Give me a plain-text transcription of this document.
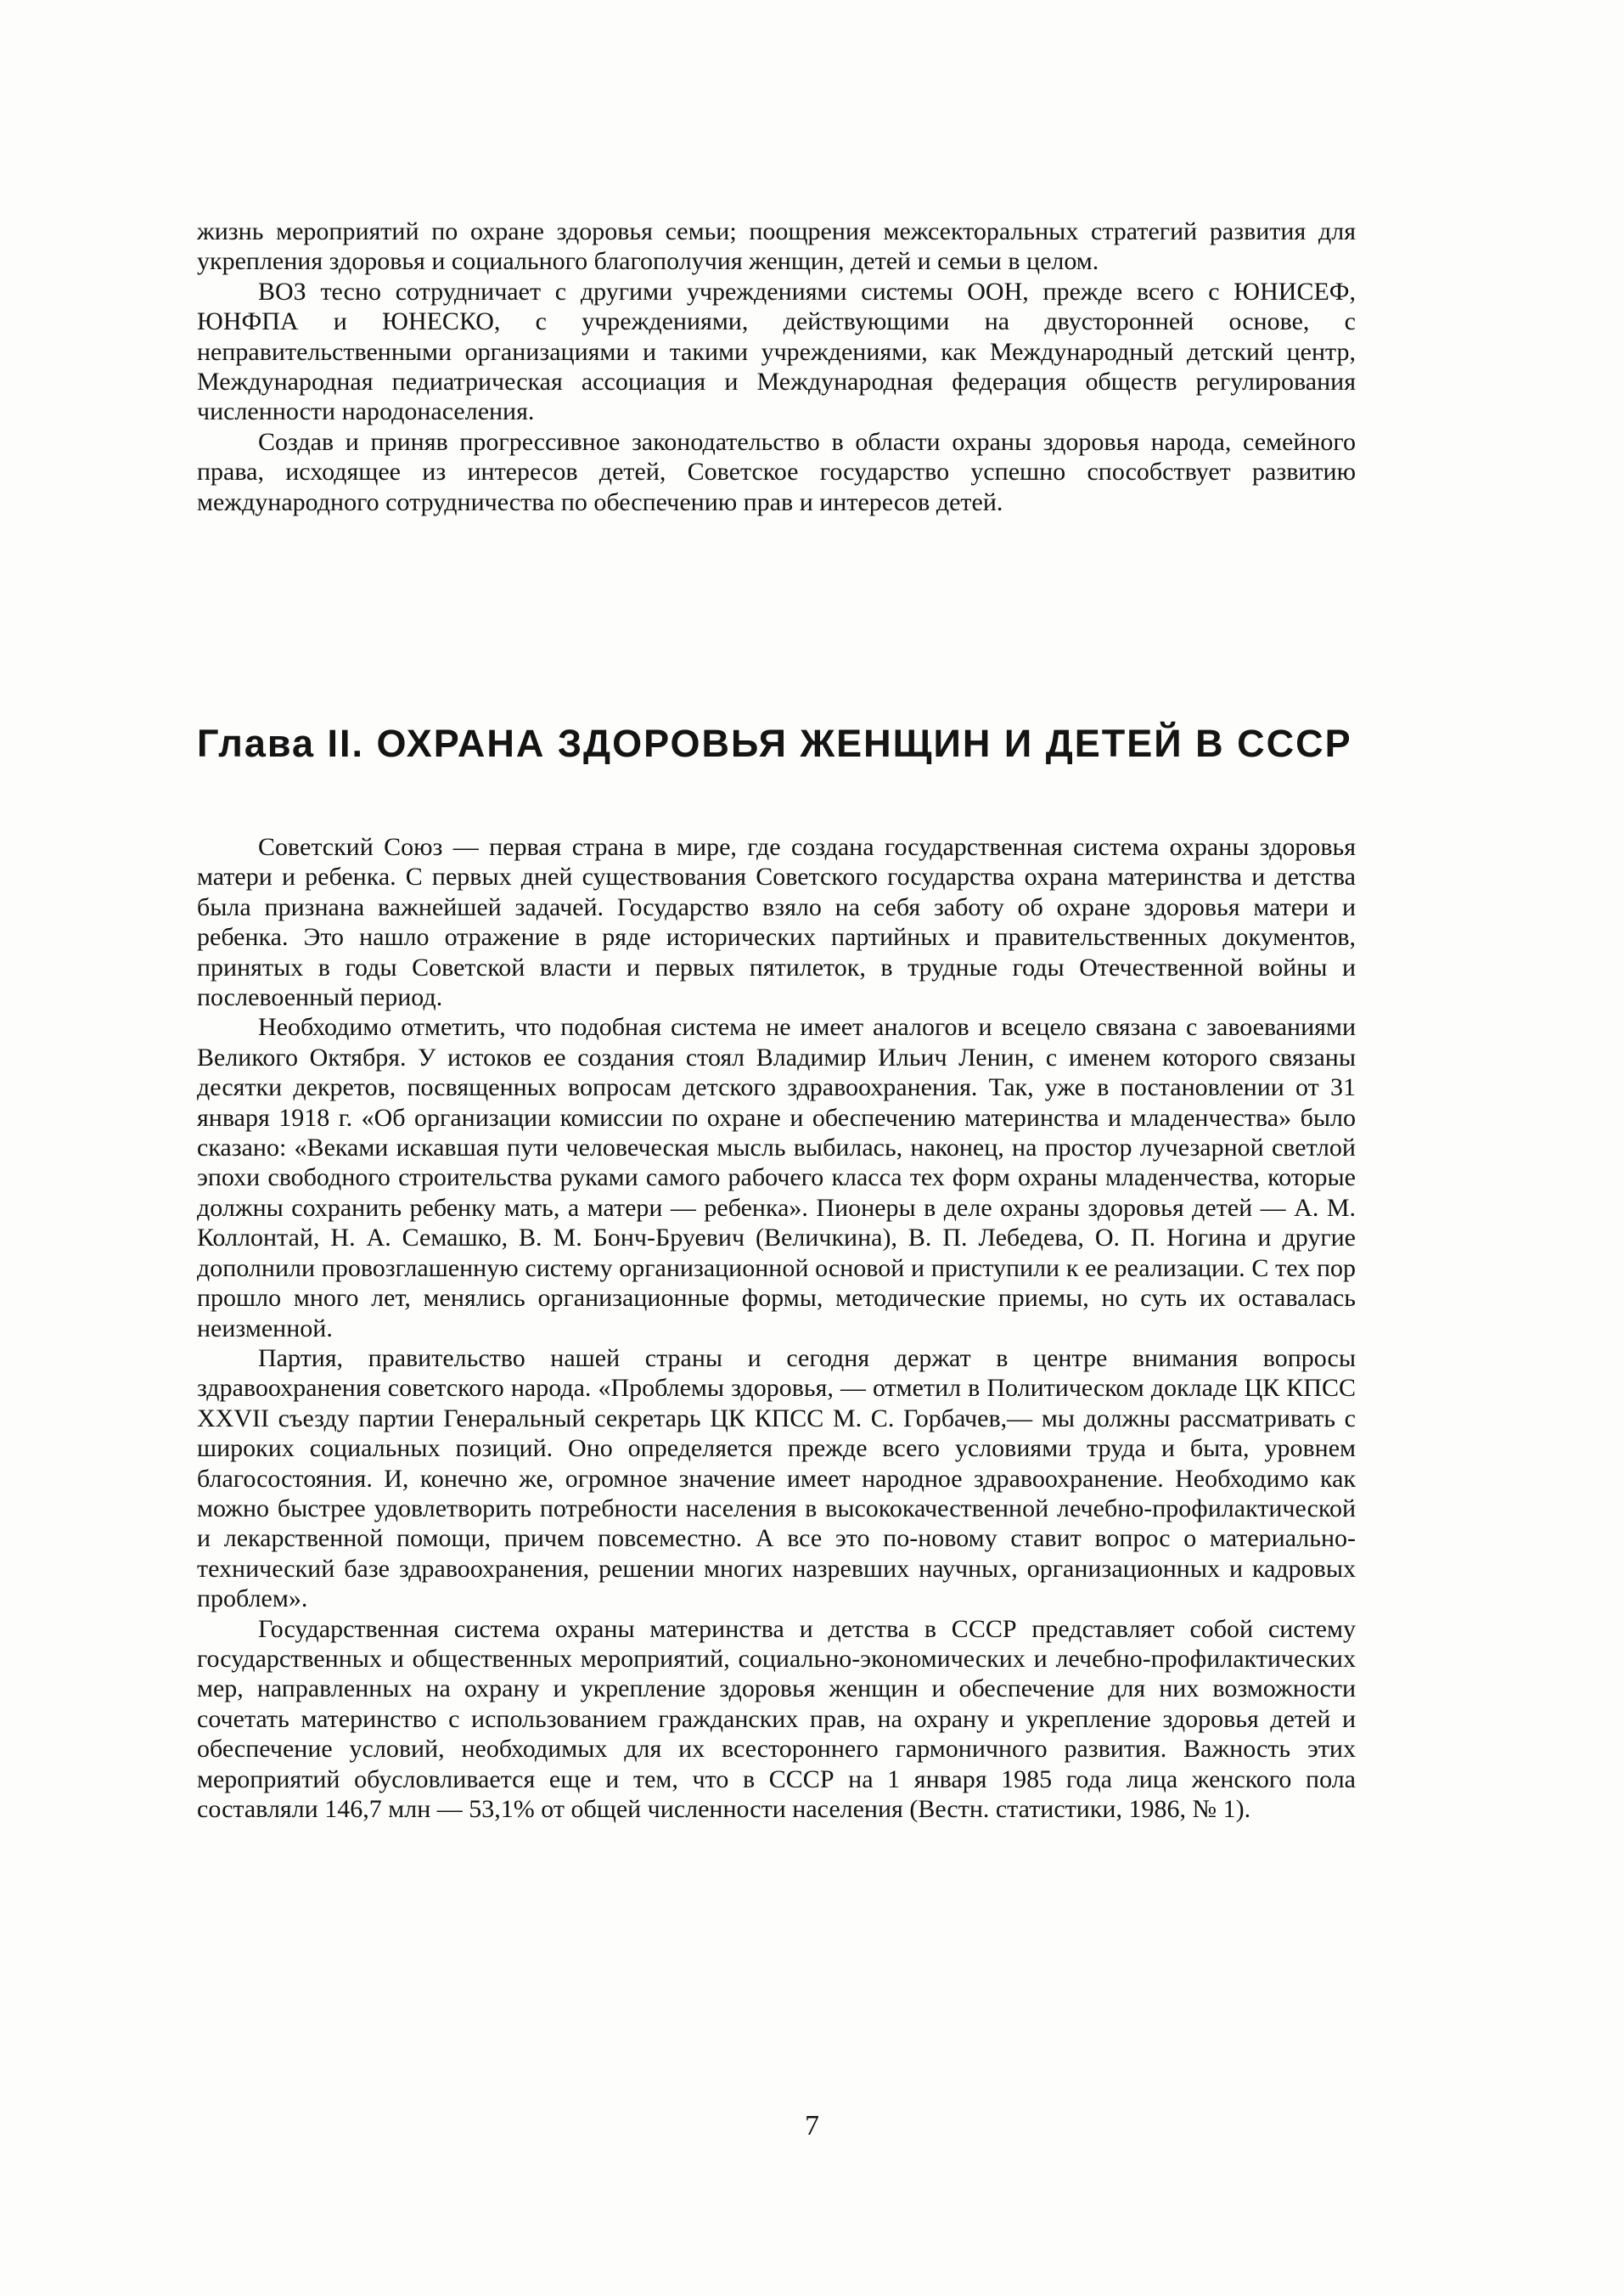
жизнь мероприятий по охране здоровья семьи; поощрения межсекторальных стратегий развития для укрепления здоровья и социального благополучия женщин, детей и семьи в целом.

ВОЗ тесно сотрудничает с другими учреждениями системы ООН, прежде всего с ЮНИСЕФ, ЮНФПА и ЮНЕСКО, с учреждениями, действующими на двусторонней основе, с неправительственными организациями и такими учреждениями, как Международный детский центр, Международная педиатрическая ассоциация и Международная федерация обществ регулирования численности народонаселения.

Создав и приняв прогрессивное законодательство в области охраны здоровья народа, семейного права, исходящее из интересов детей, Советское государство успешно способствует развитию международного сотрудничества по обеспечению прав и интересов детей.

Глава II. ОХРАНА ЗДОРОВЬЯ ЖЕНЩИН И ДЕТЕЙ В СССР

Советский Союз — первая страна в мире, где создана государственная система охраны здоровья матери и ребенка. С первых дней существования Советского государства охрана материнства и детства была признана важнейшей задачей. Государство взяло на себя заботу об охране здоровья матери и ребенка. Это нашло отражение в ряде исторических партийных и правительственных документов, принятых в годы Советской власти и первых пятилеток, в трудные годы Отечественной войны и послевоенный период.

Необходимо отметить, что подобная система не имеет аналогов и всецело связана с завоеваниями Великого Октября. У истоков ее создания стоял Владимир Ильич Ленин, с именем которого связаны десятки декретов, посвященных вопросам детского здравоохранения. Так, уже в постановлении от 31 января 1918 г. «Об организации комиссии по охране и обеспечению материнства и младенчества» было сказано: «Веками искавшая пути человеческая мысль выбилась, наконец, на простор лучезарной светлой эпохи свободного строительства руками самого рабочего класса тех форм охраны младенчества, которые должны сохранить ребенку мать, а матери — ребенка». Пионеры в деле охраны здоровья детей — А. М. Коллонтай, Н. А. Семашко, В. М. Бонч-Бруевич (Величкина), В. П. Лебедева, О. П. Ногина и другие дополнили провозглашенную систему организационной основой и приступили к ее реализации. С тех пор прошло много лет, менялись организационные формы, методические приемы, но суть их оставалась неизменной.

Партия, правительство нашей страны и сегодня держат в центре внимания вопросы здравоохранения советского народа. «Проблемы здоровья, — отметил в Политическом докладе ЦК КПСС XXVII съезду партии Генеральный секретарь ЦК КПСС М. С. Горбачев,— мы должны рассматривать с широких социальных позиций. Оно определяется прежде всего условиями труда и быта, уровнем благосостояния. И, конечно же, огромное значение имеет народное здравоохранение. Необходимо как можно быстрее удовлетворить потребности населения в высококачественной лечебно-профилактической и лекарственной помощи, причем повсеместно. А все это по-новому ставит вопрос о материально-технический базе здравоохранения, решении многих назревших научных, организационных и кадровых проблем».

Государственная система охраны материнства и детства в СССР представляет собой систему государственных и общественных мероприятий, социально-экономических и лечебно-профилактических мер, направленных на охрану и укрепление здоровья женщин и обеспечение для них возможности сочетать материнство с использованием гражданских прав, на охрану и укрепление здоровья детей и обеспечение условий, необходимых для их всестороннего гармоничного развития. Важность этих мероприятий обусловливается еще и тем, что в СССР на 1 января 1985 года лица женского пола составляли 146,7 млн — 53,1% от общей численности населения (Вестн. статистики, 1986, № 1).

7
